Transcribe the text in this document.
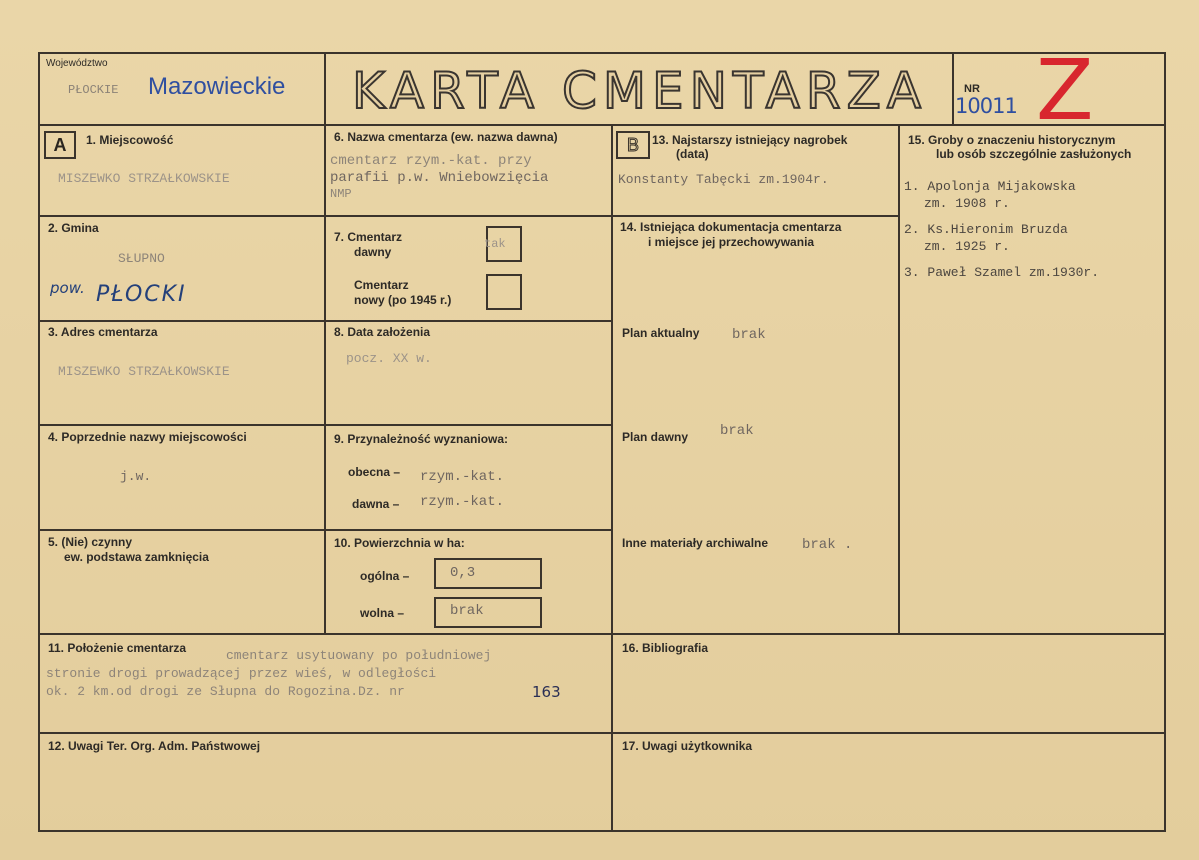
Województwo
PŁOCKIE Mazowieckie KARTA CMENTARZA	NR
10011 Z
A	B
1. Miejscowość
MISZEWKO STRZAŁKOWSKIE
2. Gmina
SŁUPNO
pow. PŁOCKI
3. Adres cmentarza
MISZEWKO STRZAŁKOWSKIE
4. Poprzednie nazwy miejscowości
j.w.
5. (Nie) czynny
ew. podstawa zamknięcia
6. Nazwa cmentarza (ew. nazwa dawna)
cmentarz rzym.-kat. przy
parafii p.w. Wniebowzięcia
NMP
7. Cmentarz
dawny
tak
Cmentarz
nowy (po 1945 r.)
8. Data założenia
pocz. XX w.
9. Przynależność wyznaniowa:
obecna – rzym.-kat.
dawna – rzym.-kat.
10. Powierzchnia w ha:
ogólna –	0,3
wolna –	brak
13. Najstarszy istniejący nagrobek
(data)
Konstanty Tabęcki zm.1904r.
14. Istniejąca dokumentacja cmentarza
i miejsce jej przechowywania
Plan aktualny brak
Plan dawny brak
Inne materiały archiwalne brak .
15. Groby o znaczeniu historycznym
lub osób szczególnie zasłużonych
1. Apolonja Mijakowska
zm. 1908 r.
2. Ks.Hieronim Bruzda
zm. 1925 r.
3. Paweł Szamel zm.1930r.
11. Położenie cmentarza	cmentarz usytuowany po południowej
stronie drogi prowadzącej przez wieś, w odległości
ok. 2 km.od drogi ze Słupna do Rogozina.Dz. nr	163
16. Bibliografia
12. Uwagi Ter. Org. Adm. Państwowej	17. Uwagi użytkownika
